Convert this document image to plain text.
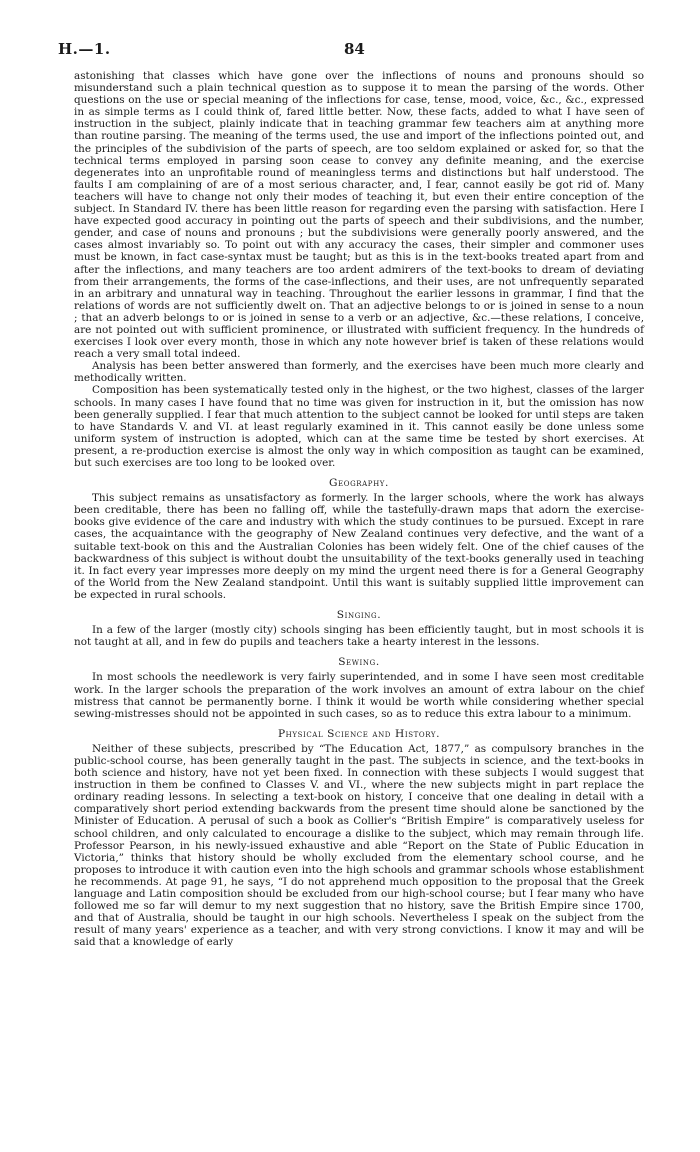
H.—1.	84

astonishing that classes which have gone over the inflections of nouns and pronouns should so misunderstand such a plain technical question as to suppose it to mean the parsing of the words. Other questions on the use or special meaning of the inflections for case, tense, mood, voice, &c., &c., expressed in as simple terms as I could think of, fared little better. Now, these facts, added to what I have seen of instruction in the subject, plainly indicate that in teaching grammar few teachers aim at anything more than routine parsing. The meaning of the terms used, the use and import of the inflections pointed out, and the principles of the subdivision of the parts of speech, are too seldom explained or asked for, so that the technical terms employed in parsing soon cease to convey any definite meaning, and the exercise degenerates into an unprofitable round of meaningless terms and distinctions but half understood. The faults I am complaining of are of a most serious character, and, I fear, cannot easily be got rid of. Many teachers will have to change not only their modes of teaching it, but even their entire conception of the subject. In Standard IV. there has been little reason for regarding even the parsing with satisfaction. Here I have expected good accuracy in pointing out the parts of speech and their subdivisions, and the number, gender, and case of nouns and pronouns ; but the subdivisions were generally poorly answered, and the cases almost invariably so. To point out with any accuracy the cases, their simpler and commoner uses must be known, in fact case-syntax must be taught; but as this is in the text-books treated apart from and after the inflections, and many teachers are too ardent admirers of the text-books to dream of deviating from their arrangements, the forms of the case-inflections, and their uses, are not unfrequently separated in an arbitrary and unnatural way in teaching. Throughout the earlier lessons in grammar, I find that the relations of words are not sufficiently dwelt on. That an adjective belongs to or is joined in sense to a noun ; that an adverb belongs to or is joined in sense to a verb or an adjective, &c.—these relations, I conceive, are not pointed out with sufficient prominence, or illustrated with sufficient frequency. In the hundreds of exercises I look over every month, those in which any note however brief is taken of these relations would reach a very small total indeed.

Analysis has been better answered than formerly, and the exercises have been much more clearly and methodically written.

Composition has been systematically tested only in the highest, or the two highest, classes of the larger schools. In many cases I have found that no time was given for instruction in it, but the omission has now been generally supplied. I fear that much attention to the subject cannot be looked for until steps are taken to have Standards V. and VI. at least regularly examined in it. This cannot easily be done unless some uniform system of instruction is adopted, which can at the same time be tested by short exercises. At present, a re-production exercise is almost the only way in which composition as taught can be examined, but such exercises are too long to be looked over.

Geography.

This subject remains as unsatisfactory as formerly. In the larger schools, where the work has always been creditable, there has been no falling off, while the tastefully-drawn maps that adorn the exercise-books give evidence of the care and industry with which the study continues to be pursued. Except in rare cases, the acquaintance with the geography of New Zealand continues very defective, and the want of a suitable text-book on this and the Australian Colonies has been widely felt. One of the chief causes of the backwardness of this subject is without doubt the unsuitability of the text-books generally used in teaching it. In fact every year impresses more deeply on my mind the urgent need there is for a General Geography of the World from the New Zealand standpoint. Until this want is suitably supplied little improvement can be expected in rural schools.

Singing.

In a few of the larger (mostly city) schools singing has been efficiently taught, but in most schools it is not taught at all, and in few do pupils and teachers take a hearty interest in the lessons.

Sewing.

In most schools the needlework is very fairly superintended, and in some I have seen most creditable work. In the larger schools the preparation of the work involves an amount of extra labour on the chief mistress that cannot be permanently borne. I think it would be worth while considering whether special sewing-mistresses should not be appointed in such cases, so as to reduce this extra labour to a minimum.

Physical Science and History.

Neither of these subjects, prescribed by “The Education Act, 1877,” as compulsory branches in the public-school course, has been generally taught in the past. The subjects in science, and the text-books in both science and history, have not yet been fixed. In connection with these subjects I would suggest that instruction in them be confined to Classes V. and VI., where the new subjects might in part replace the ordinary reading lessons. In selecting a text-book on history, I conceive that one dealing in detail with a comparatively short period extending backwards from the present time should alone be sanctioned by the Minister of Education. A perusal of such a book as Collier's “British Empire” is comparatively useless for school children, and only calculated to encourage a dislike to the subject, which may remain through life. Professor Pearson, in his newly-issued exhaustive and able “Report on the State of Public Education in Victoria,” thinks that history should be wholly excluded from the elementary school course, and he proposes to introduce it with caution even into the high schools and grammar schools whose establishment he recommends. At page 91, he says, “I do not apprehend much opposition to the proposal that the Greek language and Latin composition should be excluded from our high-school course; but I fear many who have followed me so far will demur to my next suggestion that no history, save the British Empire since 1700, and that of Australia, should be taught in our high schools. Nevertheless I speak on the subject from the result of many years' experience as a teacher, and with very strong convictions. I know it may and will be said that a knowledge of early
